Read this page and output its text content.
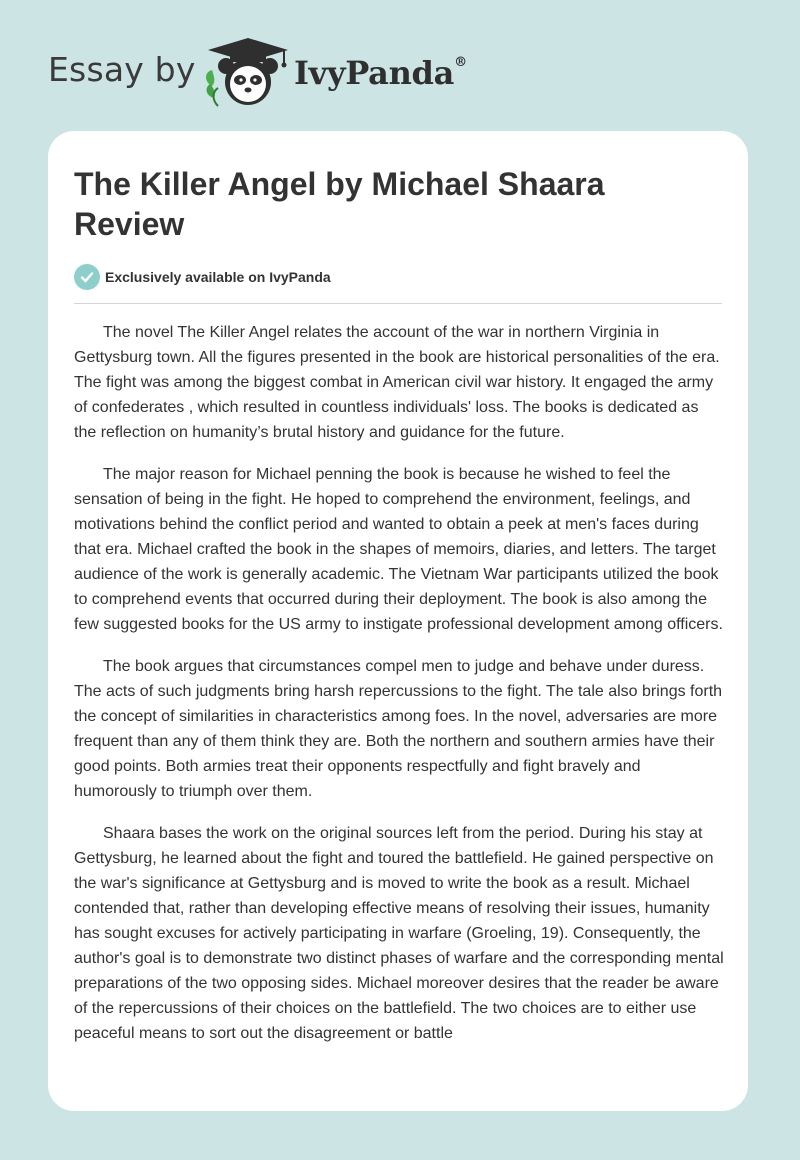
Essay by	IvyPanda®
The Killer Angel by Michael Shaara Review
Exclusively available on IvyPanda

The novel The Killer Angel relates the account of the war in northern Virginia in Gettysburg town. All the figures presented in the book are historical personalities of the era. The fight was among the biggest combat in American civil war history. It engaged the army of confederates , which resulted in countless individuals' loss. The books is dedicated as the reflection on humanity’s brutal history and guidance for the future.

The major reason for Michael penning the book is because he wished to feel the sensation of being in the fight. He hoped to comprehend the environment, feelings, and motivations behind the conflict period and wanted to obtain a peek at men's faces during that era. Michael crafted the book in the shapes of memoirs, diaries, and letters. The target audience of the work is generally academic. The Vietnam War participants utilized the book to comprehend events that occurred during their deployment. The book is also among the few suggested books for the US army to instigate professional development among officers.

The book argues that circumstances compel men to judge and behave under duress. The acts of such judgments bring harsh repercussions to the fight. The tale also brings forth the concept of similarities in characteristics among foes. In the novel, adversaries are more frequent than any of them think they are. Both the northern and southern armies have their good points. Both armies treat their opponents respectfully and fight bravely and humorously to triumph over them.

Shaara bases the work on the original sources left from the period. During his stay at Gettysburg, he learned about the fight and toured the battlefield. He gained perspective on the war's significance at Gettysburg and is moved to write the book as a result. Michael contended that, rather than developing effective means of resolving their issues, humanity has sought excuses for actively participating in warfare (Groeling, 19). Consequently, the author's goal is to demonstrate two distinct phases of warfare and the corresponding mental preparations of the two opposing sides. Michael moreover desires that the reader be aware of the repercussions of their choices on the battlefield. The two choices are to either use peaceful means to sort out the disagreement or battle
